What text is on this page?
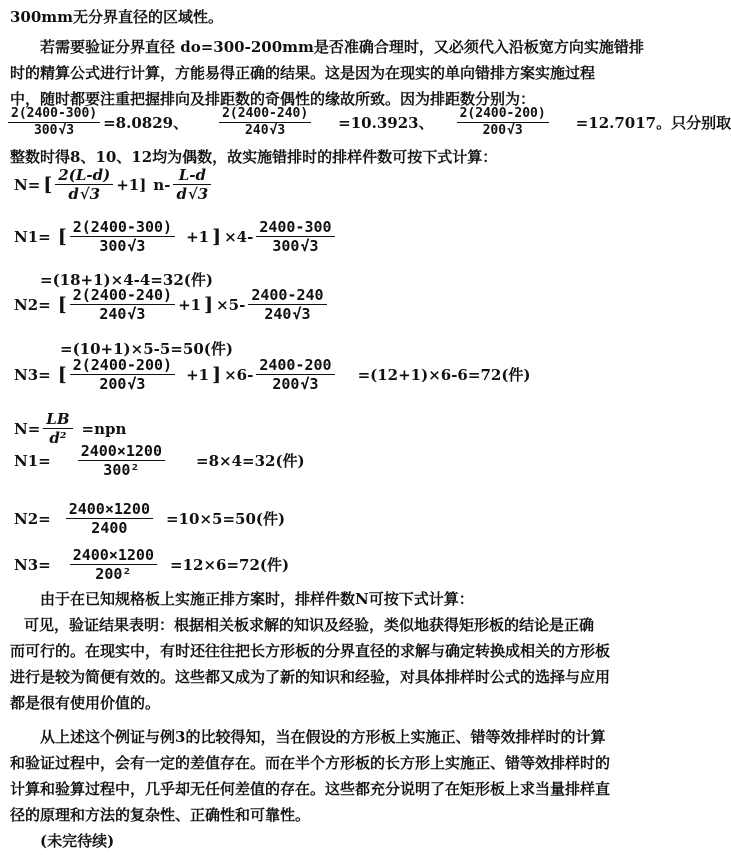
300mm无分界直径的区域性。
若需要验证分界直径 do=300-200mm是否准确合理时，又必须代入沿板宽方向实施错排
时的精算公式进行计算，方能易得正确的结果。这是因为在现实的单向错排方案实施过程
中，随时都要注重把握排向及排距数的奇偶性的缘故所致。因为排距数分别为：
$\frac{2(2400-300)}{300√3} =8.0829$、 $\frac{2(2400-240)}{240√3} =10.3923$、 $\frac{2(2400-200)}{200√3} =12.7017$。只分别取
整数时得8、10、12均为偶数，故实施错排时的排样件数可按下式计算：
N= [ $\frac{2(L-d)}{d√3} +1$] $n- \frac{L-d}{d√3}$
N1= [ $\frac{2(2400-300)}{300√3} +1$ ] $\times 4- \frac{2400-300}{300√3}$
=(18+1)×4-4=32(件)
N2= [ $\frac{2(2400-240)}{240√3} +1$ ] $\times 5- \frac{2400-240}{240√3}$
=(10+1)×5-5=50(件)
N3= [ $\frac{2(2400-200)}{200√3} +1$ ] $\times 6- \frac{2400-200}{200√3} =(12+1)\times 6-6=72$(件)
$N= \frac{LB}{\text{d²}} =npn$
$N1= \frac{2400\times 1200}{\text{300²}} =8\times 4=32$(件)
$N2= \frac{2400\times 1200}{2400} =10\times 5=50$(件)
$N3= \frac{2400\times 1200}{\text{200²}} =12\times 6=72$(件)
由于在已知规格板上实施正排方案时，排样件数N可按下式计算：
可见，验证结果表明：根据相关板求解的知识及经验，类似地获得矩形板的结论是正确
而可行的。在现实中，有时还往往把长方形板的分界直径的求解与确定转换成相关的方形板
进行是较为简便有效的。这些都又成为了新的知识和经验，对具体排样时公式的选择与应用
都是很有使用价值的。
从上述这个例证与例3的比较得知，当在假设的方形板上实施正、错等效排样时的计算
和验证过程中，会有一定的差值存在。而在半个方形板的长方形上实施正、错等效排样时的
计算和验算过程中，几乎却无任何差值的存在。这些都充分说明了在矩形板上求当量排样直
径的原理和方法的复杂性、正确性和可靠性。
(未完待续)
